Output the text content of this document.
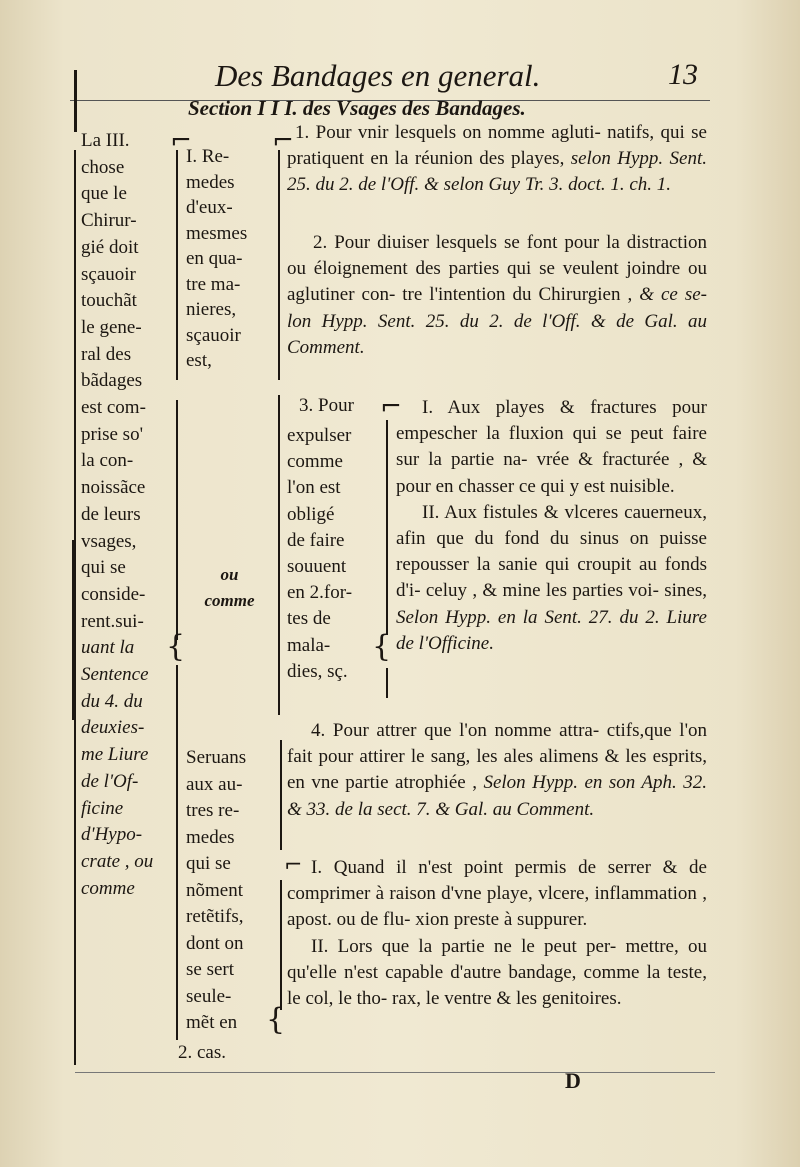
Des Bandages en general.	13
Section I I I. des Vsages des Bandages.

La III.

chose

que le

Chirur-

gié doit

sçauoir

touchãt

le gene-

ral des

bãdages

est com-

prise so'

la con-

noissãce

de leurs

vsages,

qui se

conside-

rent.sui-

uant la

Sentence

du 4. du

deuxies-

me Liure

de l'Of-

ficine

d'Hypo-

crate , ou

comme

⌐
{

I. Re-

medes

d'eux-

mesmes

en qua-

tre ma-

nieres,

sçauoir

est,

ou

comme

Seruans

aux au-

tres re-

medes

qui se

nõment

retẽtifs,

dont on

se sert

seule-

mẽt en

2. cas.
⌐
{
1. Pour vnir lesquels on nomme agluti- natifs, qui se pratiquent en la réunion des playes, selon Hypp. Sent. 25. du 2. de l'Off. & selon Guy Tr. 3. doct. 1. ch. 1.
2. Pour diuiser lesquels se font pour la distraction ou éloignement des parties qui se veulent joindre ou aglutiner con- tre l'intention du Chirurgien , & ce se- lon Hypp. Sent. 25. du 2. de l'Off. & de Gal. au Comment.
3. Pour ⌐

expulser

comme

l'on est

obligé

de faire

souuent

en 2.for-

tes de

mala-

dies, sç.

{

I. Aux playes & fractures pour empescher la fluxion qui se peut faire sur la partie na- vrée & fracturée , & pour en chasser ce qui y est nuisible.

II. Aux fistules & vlceres cauerneux, afin que du fond du sinus on puisse repousser la sanie qui croupit au fonds d'i- celuy , & mine les parties voi- sines, Selon Hypp. en la Sent. 27. du 2. Liure de l'Officine.

4. Pour attrer que l'on nomme attra- ctifs,que l'on fait pour attirer le sang, les ales alimens & les esprits, en vne partie atrophiée , Selon Hypp. en son Aph. 32. & 33. de la sect. 7. & Gal. au Comment.
⌐ I. Quand il n'est point permis de serrer & de comprimer à raison d'vne playe, vlcere, inflammation , apost. ou de flu- xion preste à suppurer.

II. Lors que la partie ne le peut per- mettre, ou qu'elle n'est capable d'autre bandage, comme la teste, le col, le tho- rax, le ventre & les genitoires.

D
